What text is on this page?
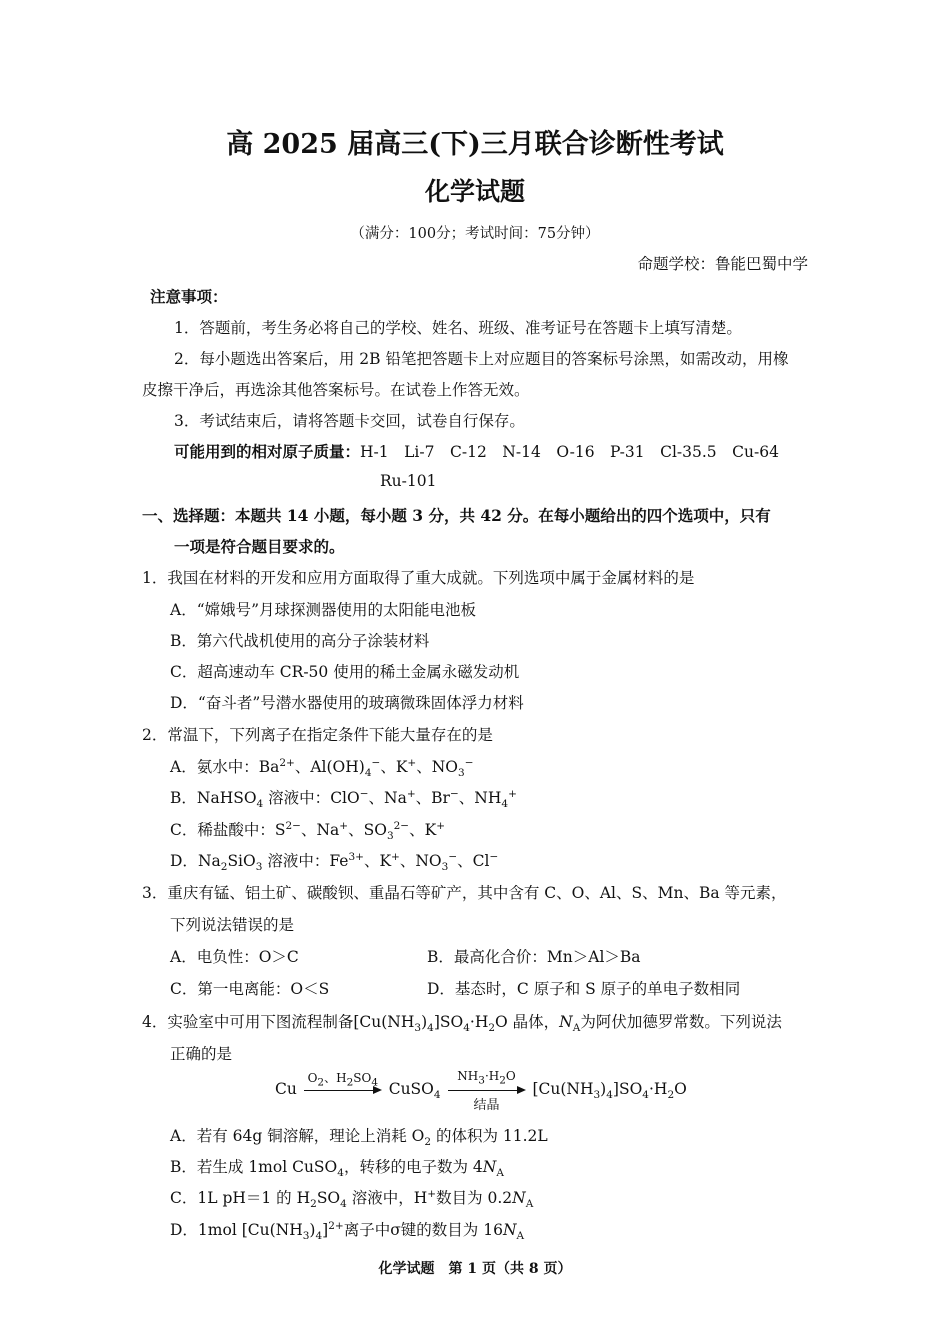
高 2025 届高三(下)三月联合诊断性考试
化学试题
（满分：100分；考试时间：75分钟）
命题学校：鲁能巴蜀中学
注意事项：
1．答题前，考生务必将自己的学校、姓名、班级、准考证号在答题卡上填写清楚。
2．每小题选出答案后，用 2B 铅笔把答题卡上对应题目的答案标号涂黑，如需改动，用橡
皮擦干净后，再选涂其他答案标号。在试卷上作答无效。
3．考试结束后，请将答题卡交回，试卷自行保存。
可能用到的相对原子质量：H-1　Li-7　C-12　N-14　O-16　P-31　Cl-35.5　Cu-64
Ru-101
一、选择题：本题共 14 小题，每小题 3 分，共 42 分。在每小题给出的四个选项中，只有
一项是符合题目要求的。
1．我国在材料的开发和应用方面取得了重大成就。下列选项中属于金属材料的是
A．“嫦娥号”月球探测器使用的太阳能电池板
B．第六代战机使用的高分子涂装材料
C．超高速动车 CR-50 使用的稀土金属永磁发动机
D．“奋斗者”号潜水器使用的玻璃微珠固体浮力材料
2．常温下，下列离子在指定条件下能大量存在的是
A．氨水中：$Ba^{2+}$、$Al(OH)_4^-$、K+、$NO_3^-$
B．NaHSO$_4$ 溶液中：ClO−、Na+、Br−、$NH_4^+$
C．稀盐酸中：$S^{2-}$、Na+、$SO_3^{2-}$、K+
D．$Na_2SiO_3$ 溶液中：$Fe^{3+}$、K+、$NO_3^-$、Cl−
3．重庆有锰、铝土矿、碳酸钡、重晶石等矿产，其中含有 C、O、Al、S、Mn、Ba 等元素，
下列说法错误的是
A．电负性：O＞C	B．最高化合价：Mn＞Al＞Ba
C．第一电离能：O＜S	D．基态时，C 原子和 S 原子的单电子数相同
4．实验室中可用下图流程制备$[Cu(NH_3)_4]SO_4\cdot H_2O$ 晶体，$N_A$为阿伏加德罗常数。下列说法
正确的是
Cu
$O_2$、$H_2SO_4$ CuSO$_4$
$NH_3\cdot H_2O$
结晶
$[Cu(NH_3)_4]SO_4\cdot H_2O$
A．若有 64g 铜溶解，理论上消耗 $O_2$ 的体积为 11.2L
B．若生成 1mol CuSO$_4$，转移的电子数为 $4N_A$
C．1L pH＝1 的 $H_2SO_4$ 溶液中，H+数目为 $0.2N_A$
D．1mol $[Cu(NH_3)_4]^{2+}$离子中σ键的数目为 $16N_A$
化学试题　第 1 页（共 8 页）
